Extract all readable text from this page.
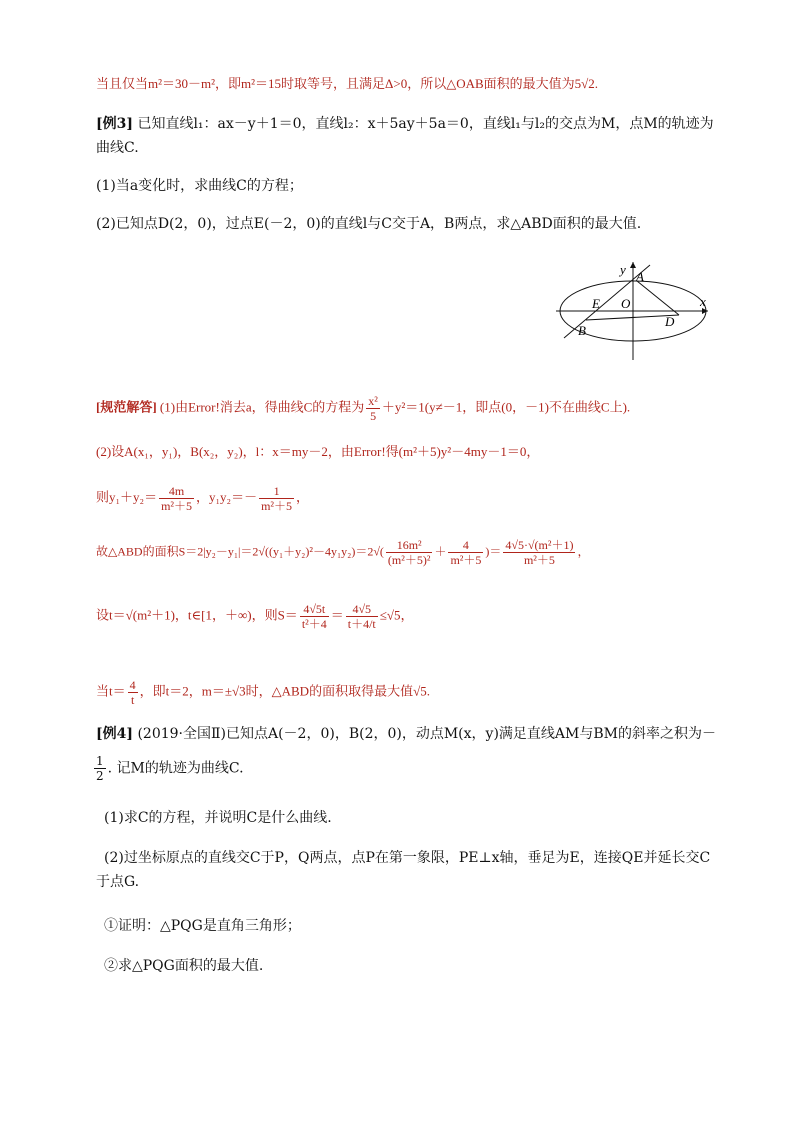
当且仅当m²＝30－m²，即m²＝15时取等号，且满足Δ>0，所以△OAB面积的最大值为5√2.
[例3] 已知直线l₁：ax－y＋1＝0，直线l₂：x＋5ay＋5a＝0，直线l₁与l₂的交点为M，点M的轨迹为
曲线C.
(1)当a变化时，求曲线C的方程；
(2)已知点D(2，0)，过点E(－2，0)的直线l与C交于A，B两点，求△ABD面积的最大值.
y
x
A
E O
D
B
[规范解答] (1)由Error!消去a，得曲线C的方程为 $\frac{\text{x²}}{5} +y^2=1(y\ne-1$，即点(0，－1)不在曲线C上).
(2)设A(x₁，y₁)，B(x₂，y₂)，l：x＝my－2，由Error!得(m²＋5)y²－4my－1＝0，
则$y_1+y_2= \frac{4m}{\text{m²＋5}}$ ，$y_1y_2=- \frac{1}{\text{m²＋5}}$ ，
故△ABD的面积$S=2|y_2-y_1|=2√((y_1+y_2)^2-4y_1y_2)=2√( \frac{\text{16m²}}{\text{(m²＋5)²}} + \frac{4}{\text{m²＋5}}$ )＝ $\frac{\text{4√5·√(m²＋1)}}{\text{m²＋5}}$ ，
设t＝√(m²＋1)，t∈[1，＋∞)，则$S= \frac{4√5t}{\text{t²＋4}} = \frac{4√5}{t+4/t} \le√5$，
当$t= \frac{4}{t}$ ，即t＝2，m＝±√3时，△ABD的面积取得最大值√5.
[例4] (2019·全国Ⅱ)已知点A(－2，0)，B(2，0)，动点M(x，y)满足直线AM与BM的斜率之积为－
$\frac{1}{2}$ . 记M的轨迹为曲线C.
(1)求C的方程，并说明C是什么曲线.
(2)过坐标原点的直线交C于P，Q两点，点P在第一象限，PE⊥x轴，垂足为E，连接QE并延长交C
于点G.
①证明：△PQG是直角三角形；
②求△PQG面积的最大值.
